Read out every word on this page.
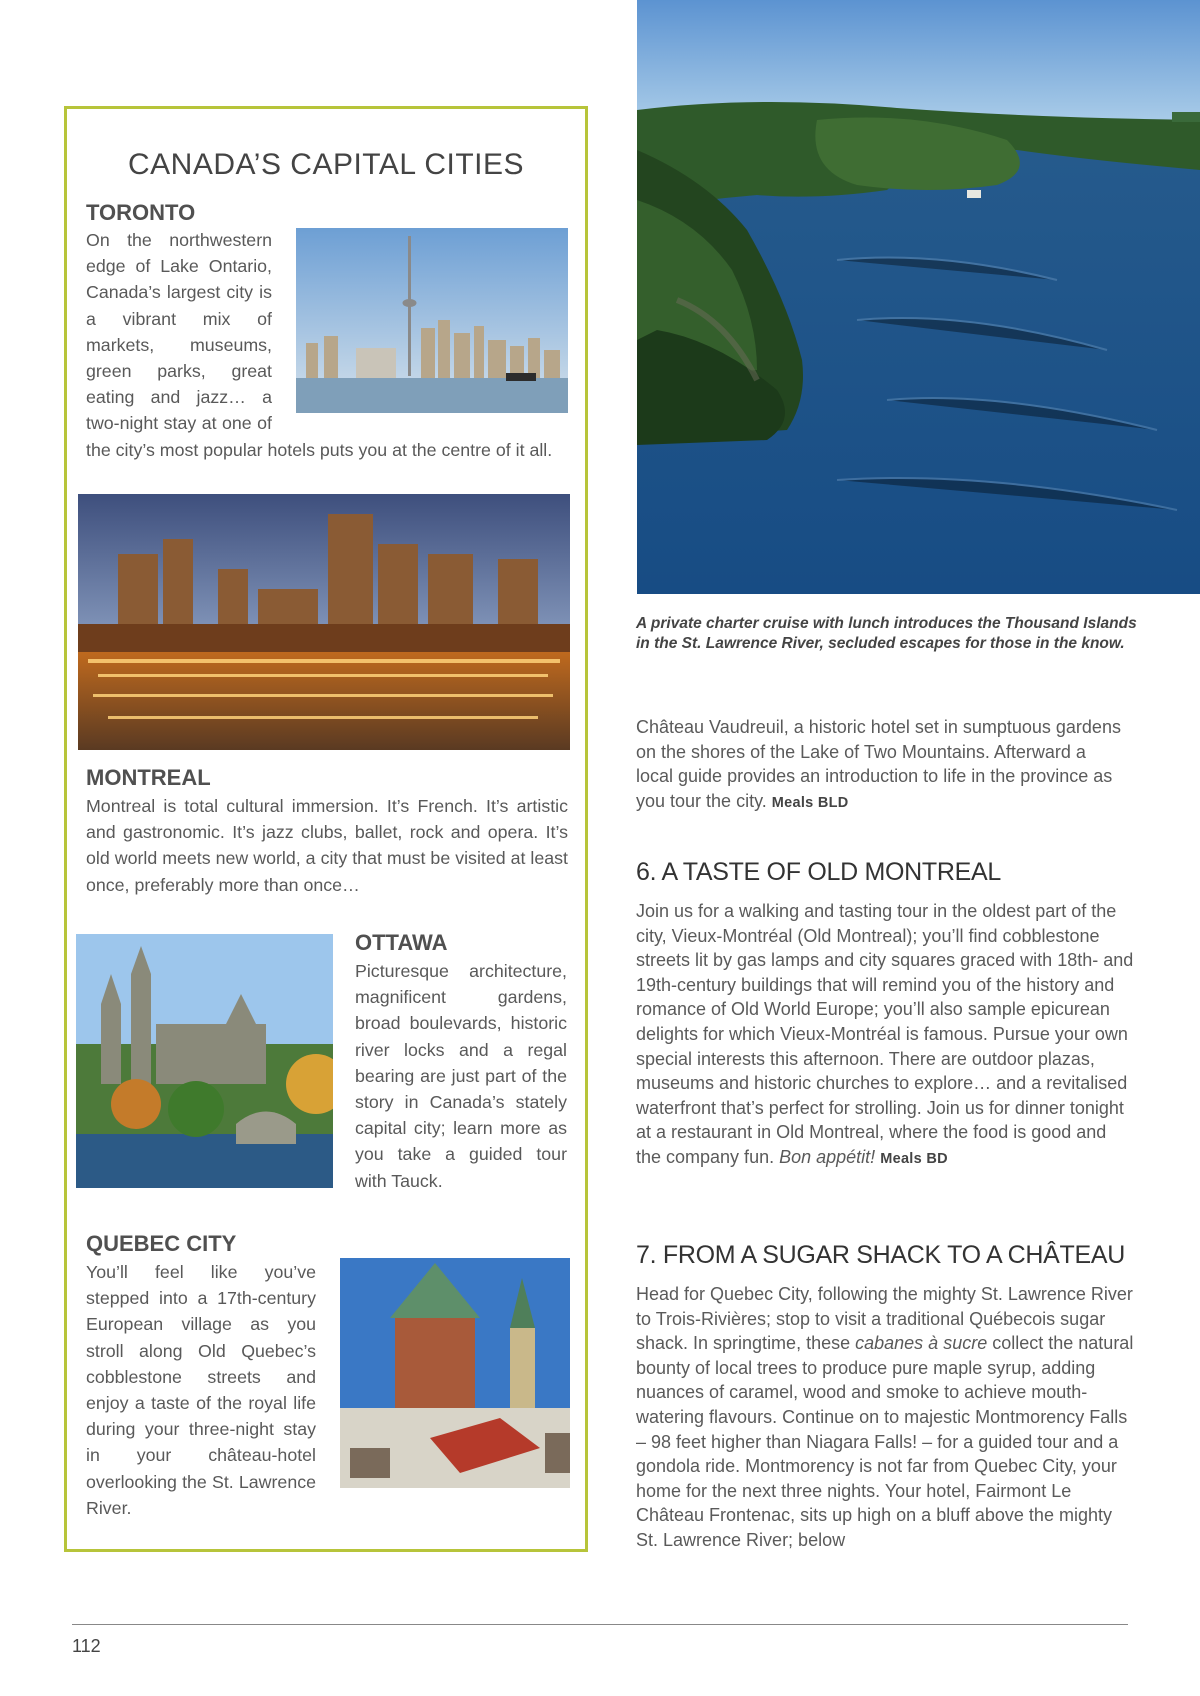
A private charter cruise with lunch introduces the Thousand Islands in the St. Lawrence River, secluded escapes for those in the know.
CANADA’S CAPITAL CITIES
TORONTO

On the northwestern edge of Lake Ontario, Canada’s largest city is a vibrant mix of markets, museums, green parks, great eating and jazz… a two-night stay at one of the city’s most popular hotels puts you at the centre of it all.

MONTREAL

Montreal is total cultural immersion. It’s French. It’s artistic and gastronomic. It’s jazz clubs, ballet, rock and opera. It’s old world meets new world, a city that must be visited at least once, preferably more than once…

OTTAWA

Picturesque architecture, magnificent gardens, broad boulevards, historic river locks and a regal bearing are just part of the story in Canada’s stately capital city; learn more as you take a guided tour with Tauck.

QUEBEC CITY

You’ll feel like you’ve stepped into a 17th-century European village as you stroll along Old Quebec’s cobblestone streets and enjoy a taste of the royal life during your three-night stay in your château-hotel overlooking the St. Lawrence River.

Château Vaudreuil, a historic hotel set in sumptuous gardens on the shores of the Lake of Two Mountains. Afterward a local guide provides an introduction to life in the province as you tour the city. Meals BLD

6. A TASTE OF OLD MONTREAL

Join us for a walking and tasting tour in the oldest part of the city, Vieux-Montréal (Old Montreal); you’ll find cobblestone streets lit by gas lamps and city squares graced with 18th- and 19th-century buildings that will remind you of the history and romance of Old World Europe; you’ll also sample epicurean delights for which Vieux-Montréal is famous. Pursue your own special interests this afternoon. There are outdoor plazas, museums and historic churches to explore… and a revitalised waterfront that’s perfect for strolling. Join us for dinner tonight at a restaurant in Old Montreal, where the food is good and the company fun. Bon appétit! Meals BD

7. FROM A SUGAR SHACK TO A CHÂTEAU

Head for Quebec City, following the mighty St. Lawrence River to Trois-Rivières; stop to visit a traditional Québecois sugar shack. In springtime, these cabanes à sucre collect the natural bounty of local trees to produce pure maple syrup, adding nuances of caramel, wood and smoke to achieve mouth-watering flavours. Continue on to majestic Montmorency Falls – 98 feet higher than Niagara Falls! – for a guided tour and a gondola ride. Montmorency is not far from Quebec City, your home for the next three nights. Your hotel, Fairmont Le Château Frontenac, sits up high on a bluff above the mighty St. Lawrence River; below

112
